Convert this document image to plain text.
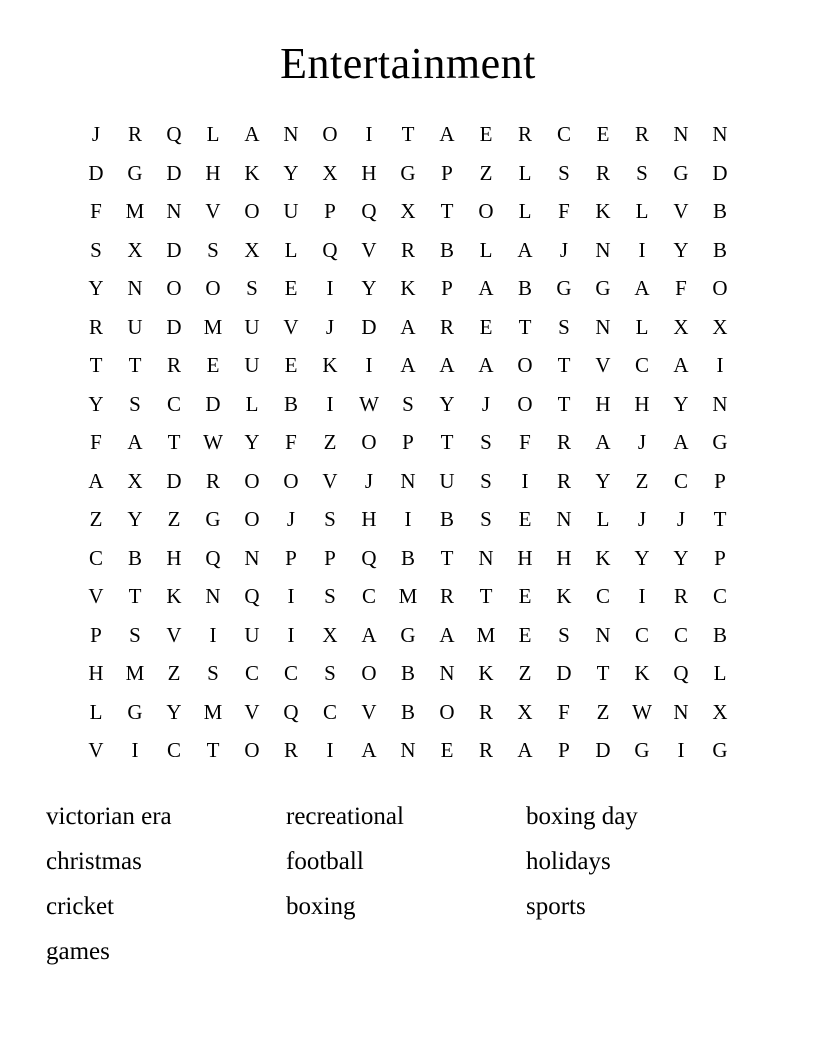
Entertainment
J	R	Q	L	A	N	O	I	T	A	E	R	C	E	R	N	N
D	G	D	H	K	Y	X	H	G	P	Z	L	S	R	S	G	D
F	M	N	V	O	U	P	Q	X	T	O	L	F	K	L	V	B
S	X	D	S	X	L	Q	V	R	B	L	A	J	N	I	Y	B
Y	N	O	O	S	E	I	Y	K	P	A	B	G	G	A	F	O
R	U	D	M	U	V	J	D	A	R	E	T	S	N	L	X	X
T	T	R	E	U	E	K	I	A	A	A	O	T	V	C	A	I
Y	S	C	D	L	B	I	W	S	Y	J	O	T	H	H	Y	N
F	A	T	W	Y	F	Z	O	P	T	S	F	R	A	J	A	G
A	X	D	R	O	O	V	J	N	U	S	I	R	Y	Z	C	P
Z	Y	Z	G	O	J	S	H	I	B	S	E	N	L	J	J	T
C	B	H	Q	N	P	P	Q	B	T	N	H	H	K	Y	Y	P
V	T	K	N	Q	I	S	C	M	R	T	E	K	C	I	R	C
P	S	V	I	U	I	X	A	G	A	M	E	S	N	C	C	B
H	M	Z	S	C	C	S	O	B	N	K	Z	D	T	K	Q	L
L	G	Y	M	V	Q	C	V	B	O	R	X	F	Z	W	N	X
V	I	C	T	O	R	I	A	N	E	R	A	P	D	G	I	G
victorian era
christmas
cricket
games
recreational
football
boxing
boxing day
holidays
sports
